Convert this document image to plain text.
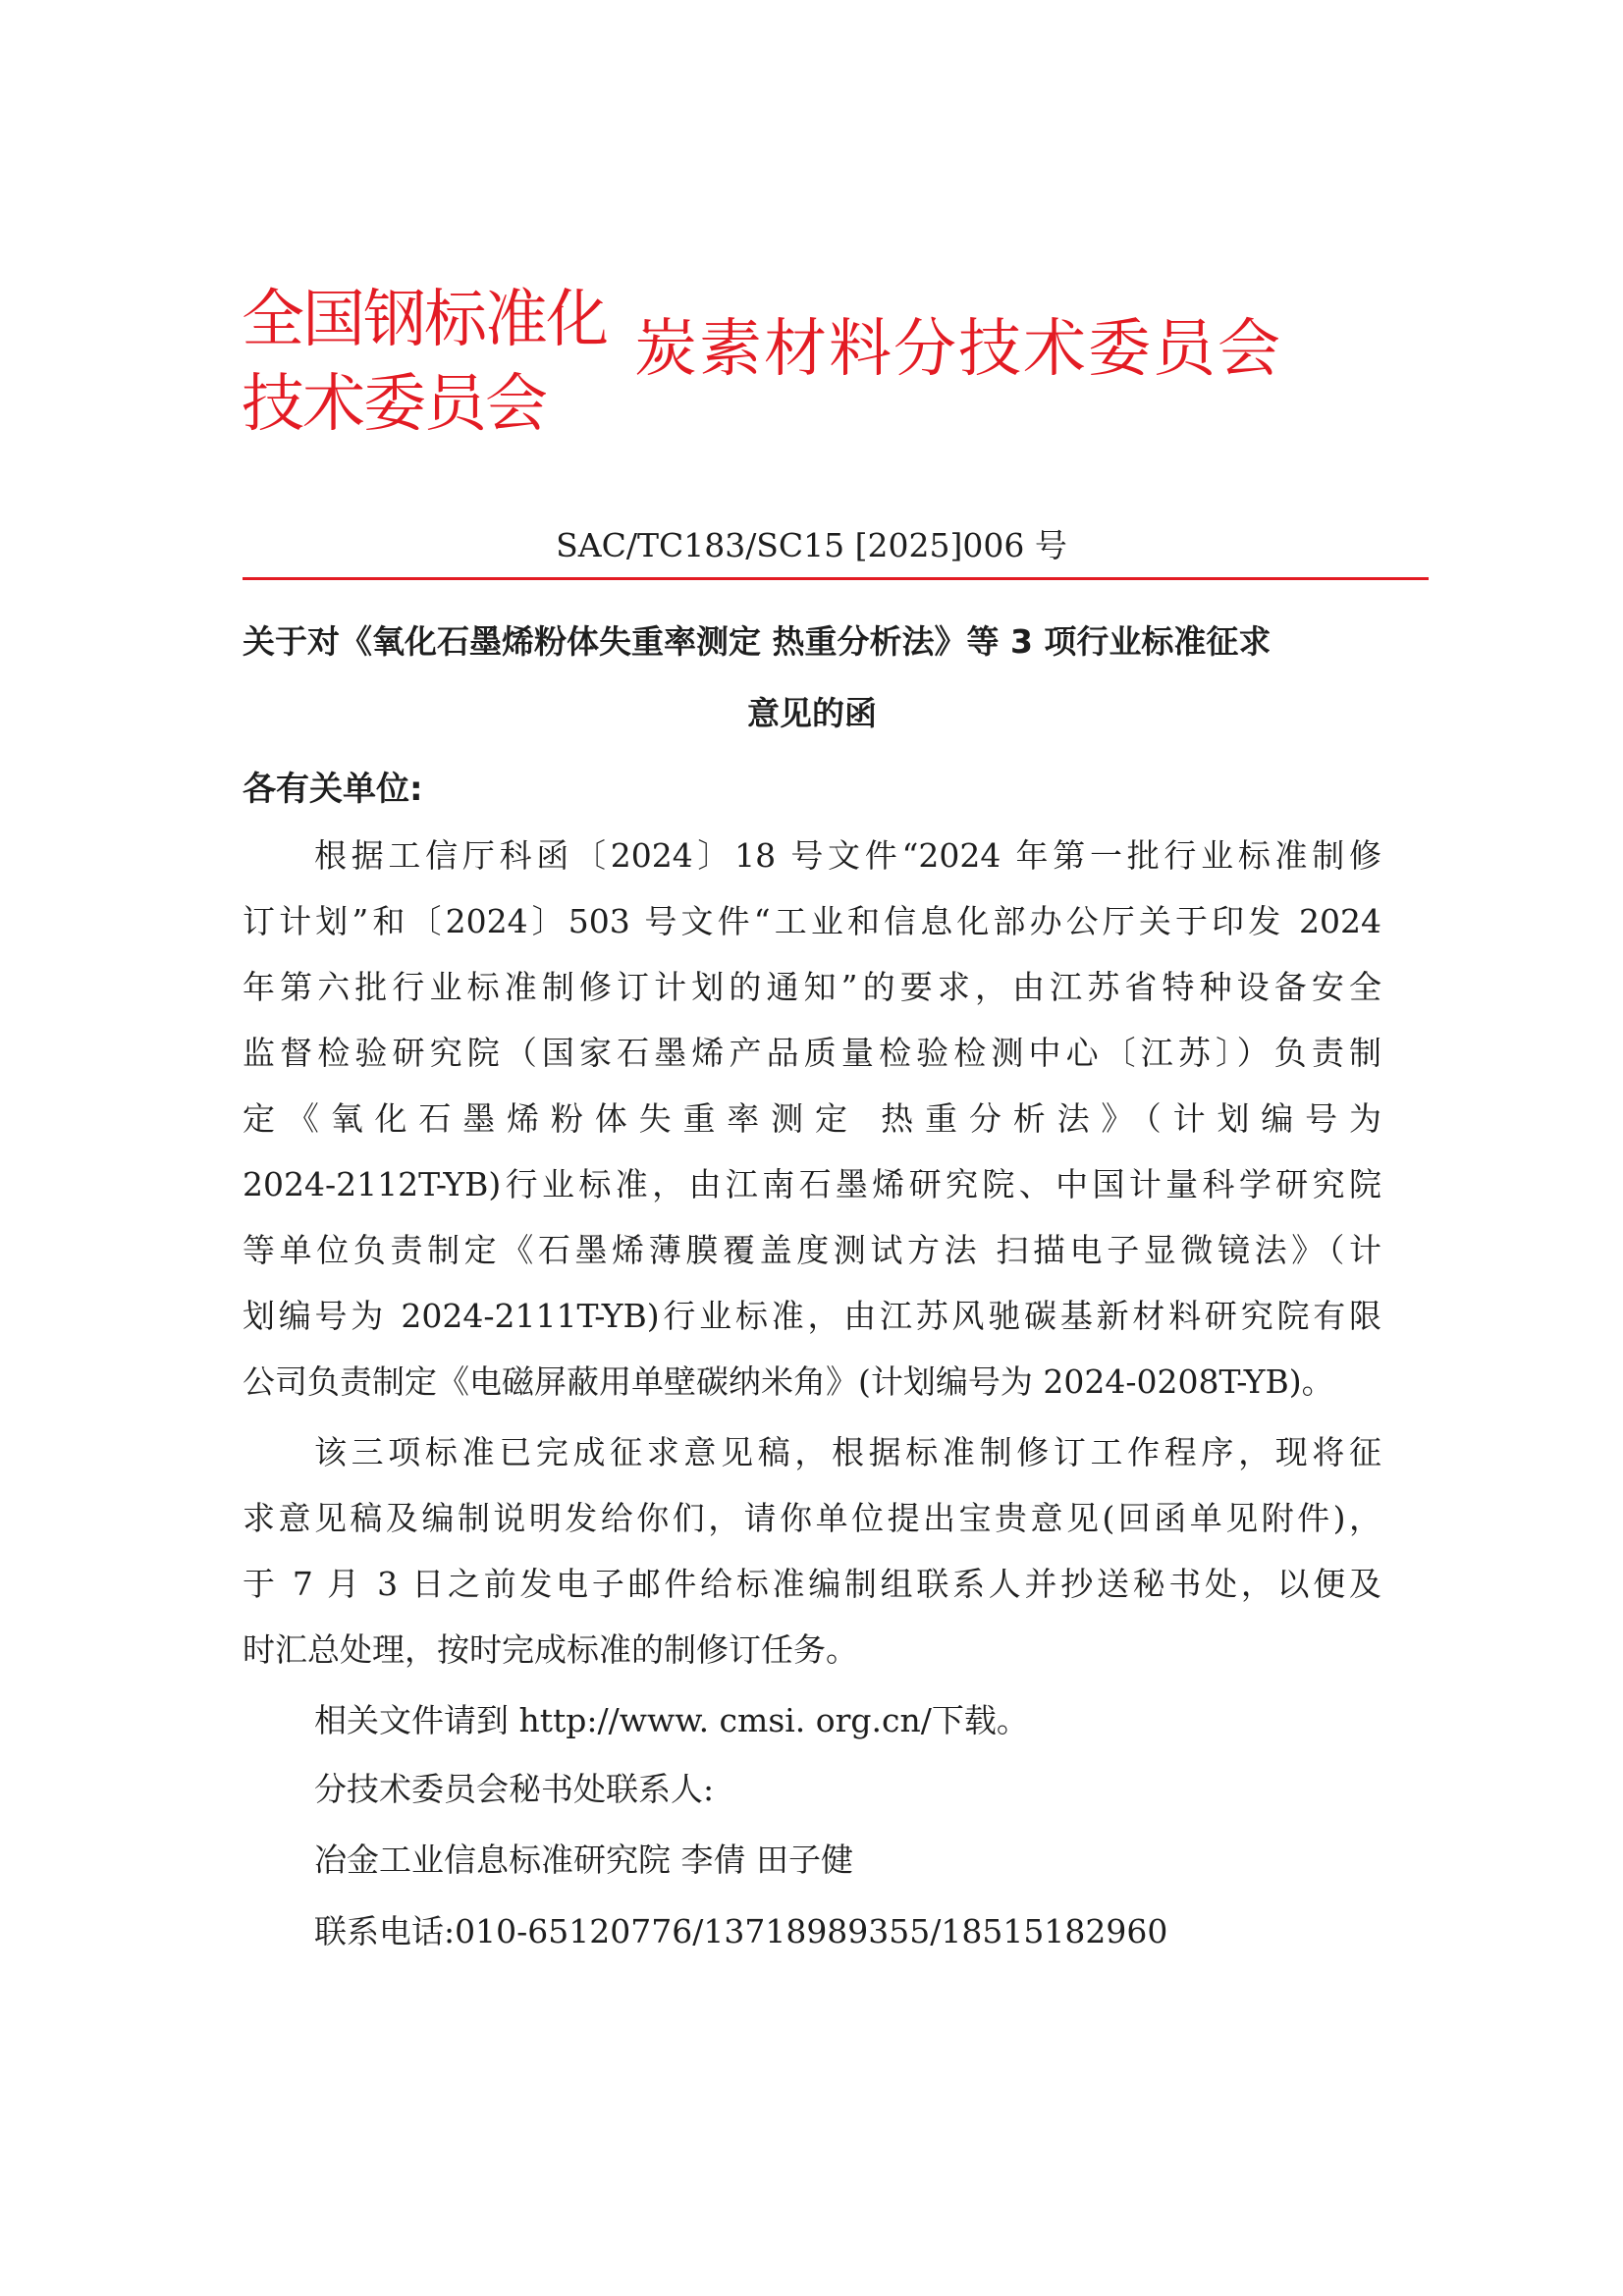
全国钢标准化
技术委员会
炭素材料分技术委员会
SAC/TC183/SC15 [2025]006 号
关于对《氧化石墨烯粉体失重率测定 热重分析法》等 3 项行业标准征求
意见的函
各有关单位:
根据工信厅科函〔2024〕18 号文件“2024 年第一批行业标准制修
订计划”和〔2024〕503 号文件“工业和信息化部办公厅关于印发 2024
年第六批行业标准制修订计划的通知”的要求，由江苏省特种设备安全
监督检验研究院（国家石墨烯产品质量检验检测中心〔江苏〕）负责制
定《氧化石墨烯粉体失重率测定 热重分析法》（计划编号为
2024-2112T-YB)行业标准，由江南石墨烯研究院、中国计量科学研究院
等单位负责制定《石墨烯薄膜覆盖度测试方法 扫描电子显微镜法》（计
划编号为 2024-2111T-YB)行业标准，由江苏风驰碳基新材料研究院有限
公司负责制定《电磁屏蔽用单壁碳纳米角》(计划编号为 2024-0208T-YB)。
该三项标准已完成征求意见稿，根据标准制修订工作程序，现将征
求意见稿及编制说明发给你们，请你单位提出宝贵意见(回函单见附件)，
于 7 月 3 日之前发电子邮件给标准编制组联系人并抄送秘书处，以便及
时汇总处理，按时完成标准的制修订任务。
相关文件请到 http://www. cmsi. org.cn/下载。
分技术委员会秘书处联系人:
冶金工业信息标准研究院 李倩 田子健
联系电话:010-65120776/13718989355/18515182960
